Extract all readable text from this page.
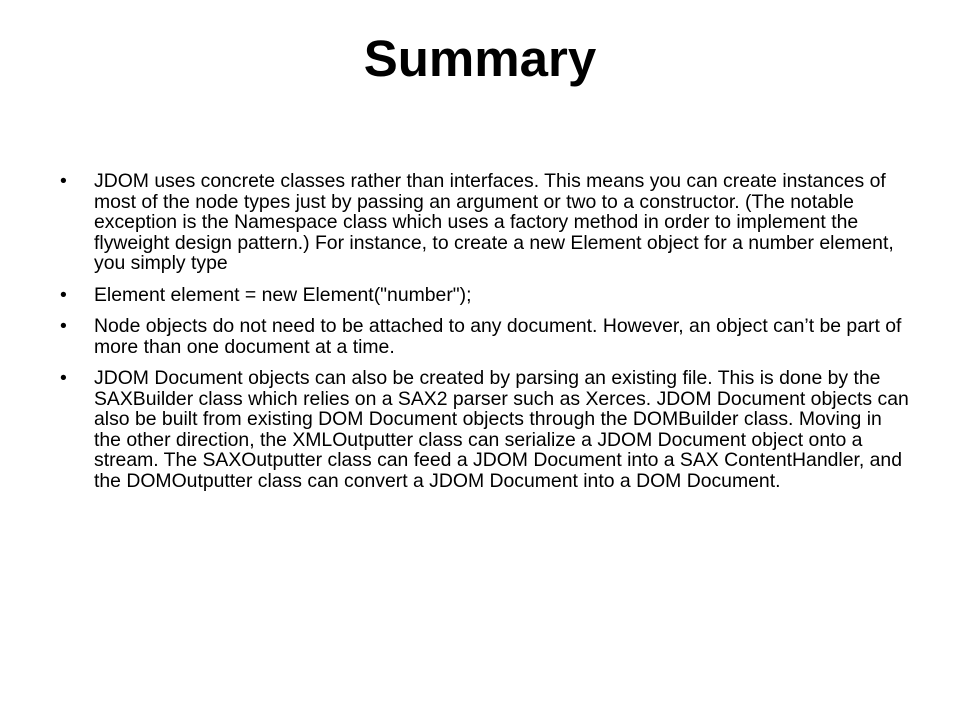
Summary
• JDOM uses concrete classes rather than interfaces. This means you can create instances of most of the node types just by passing an argument or two to a constructor. (The notable exception is the Namespace class which uses a factory method in order to implement the flyweight design pattern.) For instance, to create a new Element object for a number element, you simply type
• Element element = new Element("number");
• Node objects do not need to be attached to any document. However, an object can’t be part of more than one document at a time.
• JDOM Document objects can also be created by parsing an existing file. This is done by the SAXBuilder class which relies on a SAX2 parser such as Xerces. JDOM Document objects can also be built from existing DOM Document objects through the DOMBuilder class. Moving in the other direction, the XMLOutputter class can serialize a JDOM Document object onto a stream. The SAXOutputter class can feed a JDOM Document into a SAX ContentHandler, and the DOMOutputter class can convert a JDOM Document into a DOM Document.
